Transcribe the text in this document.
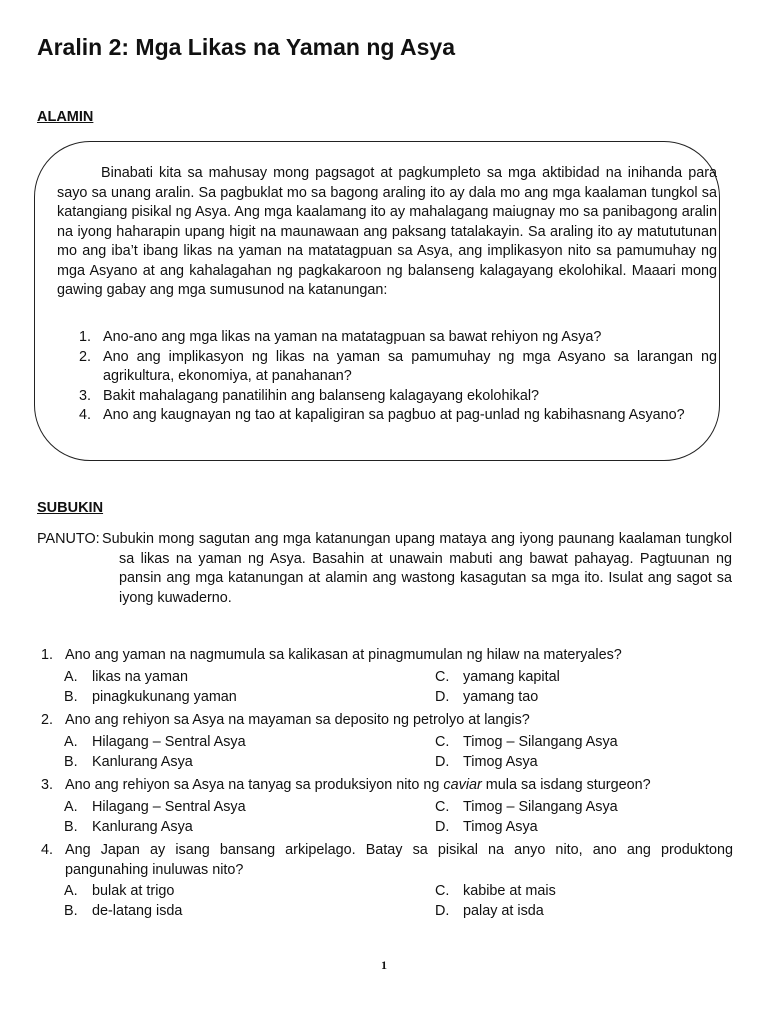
Aralin 2: Mga Likas na Yaman ng Asya
ALAMIN

Binabati kita sa mahusay mong pagsagot at pagkumpleto sa mga aktibidad na inihanda para sayo sa unang aralin. Sa pagbuklat mo sa bagong araling ito ay dala mo ang mga kaalaman tungkol sa katangiang pisikal ng Asya. Ang mga kaalamang ito ay mahalagang maiugnay mo sa panibagong aralin na iyong haharapin upang higit na maunawaan ang paksang tatalakayin. Sa araling ito ay matututunan mo ang iba’t ibang likas na yaman na matatagpuan sa Asya, ang implikasyon nito sa pamumuhay ng mga Asyano at ang kahalagahan ng pagkakaroon ng balanseng kalagayang ekolohikal. Maaari mong gawing gabay ang mga sumusunod na katanungan:

1. Ano-ano ang mga likas na yaman na matatagpuan sa bawat rehiyon ng Asya?
2. Ano ang implikasyon ng likas na yaman sa pamumuhay ng mga Asyano sa larangan ng agrikultura, ekonomiya, at panahanan?
3. Bakit mahalagang panatilihin ang balanseng kalagayang ekolohikal?
4. Ano ang kaugnayan ng tao at kapaligiran sa pagbuo at pag-unlad ng kabihasnang Asyano?
SUBUKIN
PANUTO: Subukin mong sagutan ang mga katanungan upang mataya ang iyong paunang kaalaman tungkol sa likas na yaman ng Asya. Basahin at unawain mabuti ang bawat pahayag. Pagtuunan ng pansin ang mga katanungan at alamin ang wastong kasagutan sa mga ito. Isulat ang sagot sa iyong kuwaderno.

1. Ano ang yaman na nagmumula sa kalikasan at pinagmumulan ng hilaw na materyales?

A. likas na yaman
B. pinagkukunang yaman
C. yamang kapital
D. yamang tao

2. Ano ang rehiyon sa Asya na mayaman sa deposito ng petrolyo at langis?

A. Hilagang – Sentral Asya
B. Kanlurang Asya
C. Timog – Silangang Asya
D. Timog Asya

3. Ano ang rehiyon sa Asya na tanyag sa produksiyon nito ng caviar mula sa isdang sturgeon?

A. Hilagang – Sentral Asya
B. Kanlurang Asya
C. Timog – Silangang Asya
D. Timog Asya

4. Ang Japan ay isang bansang arkipelago. Batay sa pisikal na anyo nito, ano ang produktong pangunahing inuluwas nito?

A. bulak at trigo
B. de-latang isda
C. kabibe at mais
D. palay at isda
1
